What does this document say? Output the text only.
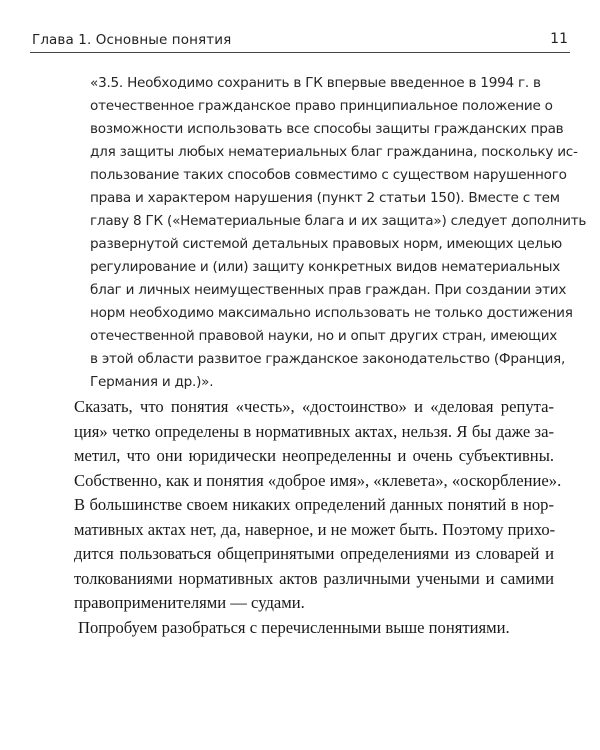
Глава 1. Основные понятия	11
«3.5. Необходимо сохранить в ГК впервые введенное в 1994 г. в
отечественное гражданское право принципиальное положение о
возможности использовать все способы защиты гражданских прав
для защиты любых нематериальных благ гражданина, поскольку ис-
пользование таких способов совместимо с существом нарушенного
права и характером нарушения (пункт 2 статьи 150). Вместе с тем
главу 8 ГК («Нематериальные блага и их защита») следует дополнить
развернутой системой детальных правовых норм, имеющих целью
регулирование и (или) защиту конкретных видов нематериальных
благ и личных неимущественных прав граждан. При создании этих
норм необходимо максимально использовать не только достижения
отечественной правовой науки, но и опыт других стран, имеющих
в этой области развитое гражданское законодательство (Франция,
Германия и др.)».
Сказать, что понятия «честь», «достоинство» и «деловая репута-
ция» четко определены в нормативных актах, нельзя. Я бы даже за-
метил, что они юридически неопределенны и очень субъективны.
Собственно, как и понятия «доброе имя», «клевета», «оскорбление».
В большинстве своем никаких определений данных понятий в нор-
мативных актах нет, да, наверное, и не может быть. Поэтому прихо-
дится пользоваться общепринятыми определениями из словарей и
толкованиями нормативных актов различными учеными и самими
правоприменителями — судами.
Попробуем разобраться с перечисленными выше понятиями.
